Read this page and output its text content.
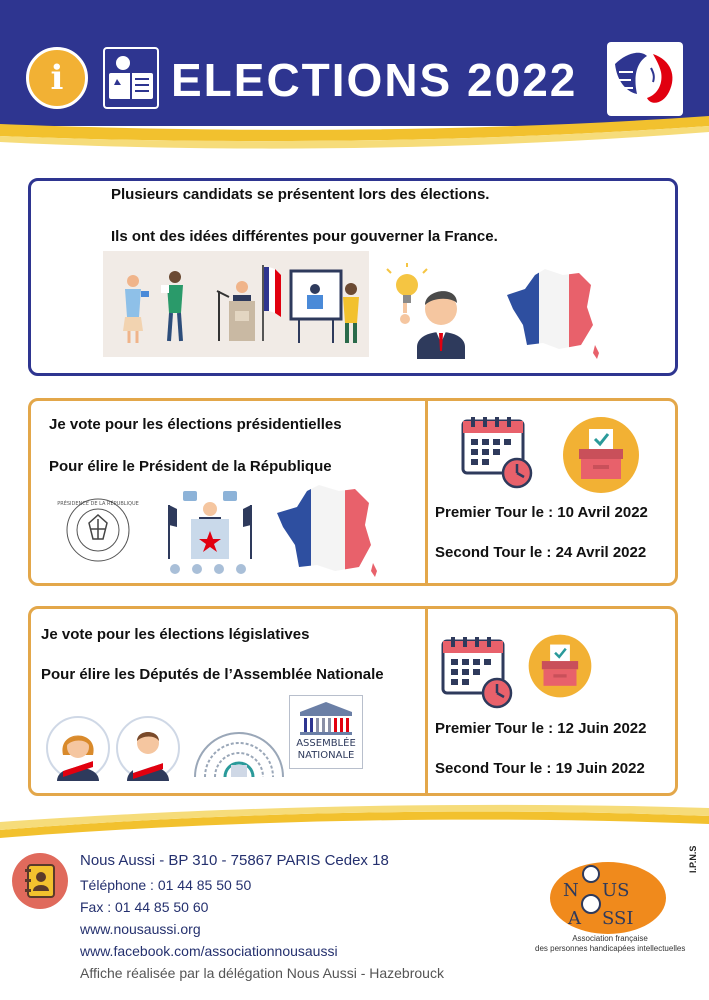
i	ELECTIONS 2022
Plusieurs candidats se présentent lors des élections.
Ils ont des idées différentes pour gouverner la France.
Je vote pour les élections présidentielles
Pour élire le Président de la République
PRÉSIDENCE DE LA RÉPUBLIQUE	Premier Tour le : 10 Avril 2022
Second Tour le : 24 Avril 2022
Je vote pour les élections législatives
Pour élire les Députés de l’Assemblée Nationale
ASSEMBLÉE
NATIONALE
Premier Tour le : 12 Juin 2022
Second Tour le : 19 Juin 2022
Nous Aussi - BP 310 - 75867 PARIS Cedex 18
Téléphone : 01 44 85 50 50
Fax : 01 44 85 50 60
www.nousaussi.org
www.facebook.com/associationnousaussi
Affiche réalisée par la délégation Nous Aussi - Hazebrouck
I.P.N.S
N US
A SSI
Association française
des personnes handicapées intellectuelles
